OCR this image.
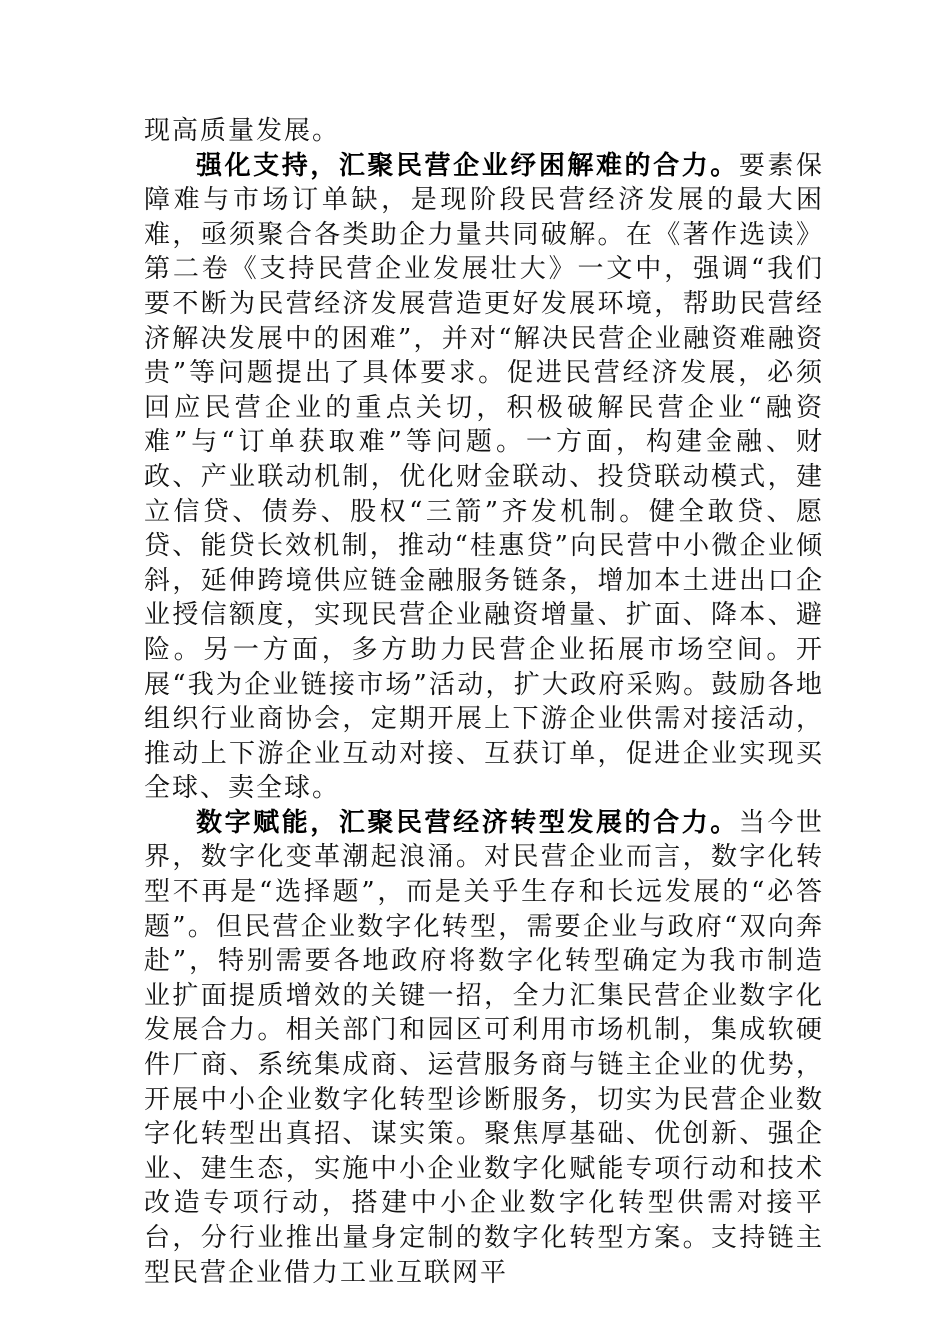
现高质量发展。

强化支持，汇聚民营企业纾困解难的合力。要素保障难与市场订单缺，是现阶段民营经济发展的最大困难，亟须聚合各类助企力量共同破解。在《著作选读》第二卷《支持民营企业发展壮大》一文中，强调“我们要不断为民营经济发展营造更好发展环境，帮助民营经济解决发展中的困难”，并对“解决民营企业融资难融资贵”等问题提出了具体要求。促进民营经济发展，必须回应民营企业的重点关切，积极破解民营企业“融资难”与“订单获取难”等问题。一方面，构建金融、财政、产业联动机制，优化财金联动、投贷联动模式，建立信贷、债券、股权“三箭”齐发机制。健全敢贷、愿贷、能贷长效机制，推动“桂惠贷”向民营中小微企业倾斜，延伸跨境供应链金融服务链条，增加本土进出口企业授信额度，实现民营企业融资增量、扩面、降本、避险。另一方面，多方助力民营企业拓展市场空间。开展“我为企业链接市场”活动，扩大政府采购。鼓励各地组织行业商协会，定期开展上下游企业供需对接活动，推动上下游企业互动对接、互获订单，促进企业实现买全球、卖全球。

数字赋能，汇聚民营经济转型发展的合力。当今世界，数字化变革潮起浪涌。对民营企业而言，数字化转型不再是“选择题”，而是关乎生存和长远发展的“必答题”。但民营企业数字化转型，需要企业与政府“双向奔赴”，特别需要各地政府将数字化转型确定为我市制造业扩面提质增效的关键一招，全力汇集民营企业数字化发展合力。相关部门和园区可利用市场机制，集成软硬件厂商、系统集成商、运营服务商与链主企业的优势，开展中小企业数字化转型诊断服务，切实为民营企业数字化转型出真招、谋实策。聚焦厚基础、优创新、强企业、建生态，实施中小企业数字化赋能专项行动和技术改造专项行动，搭建中小企业数字化转型供需对接平台，分行业推出量身定制的数字化转型方案。支持链主型民营企业借力工业互联网平
